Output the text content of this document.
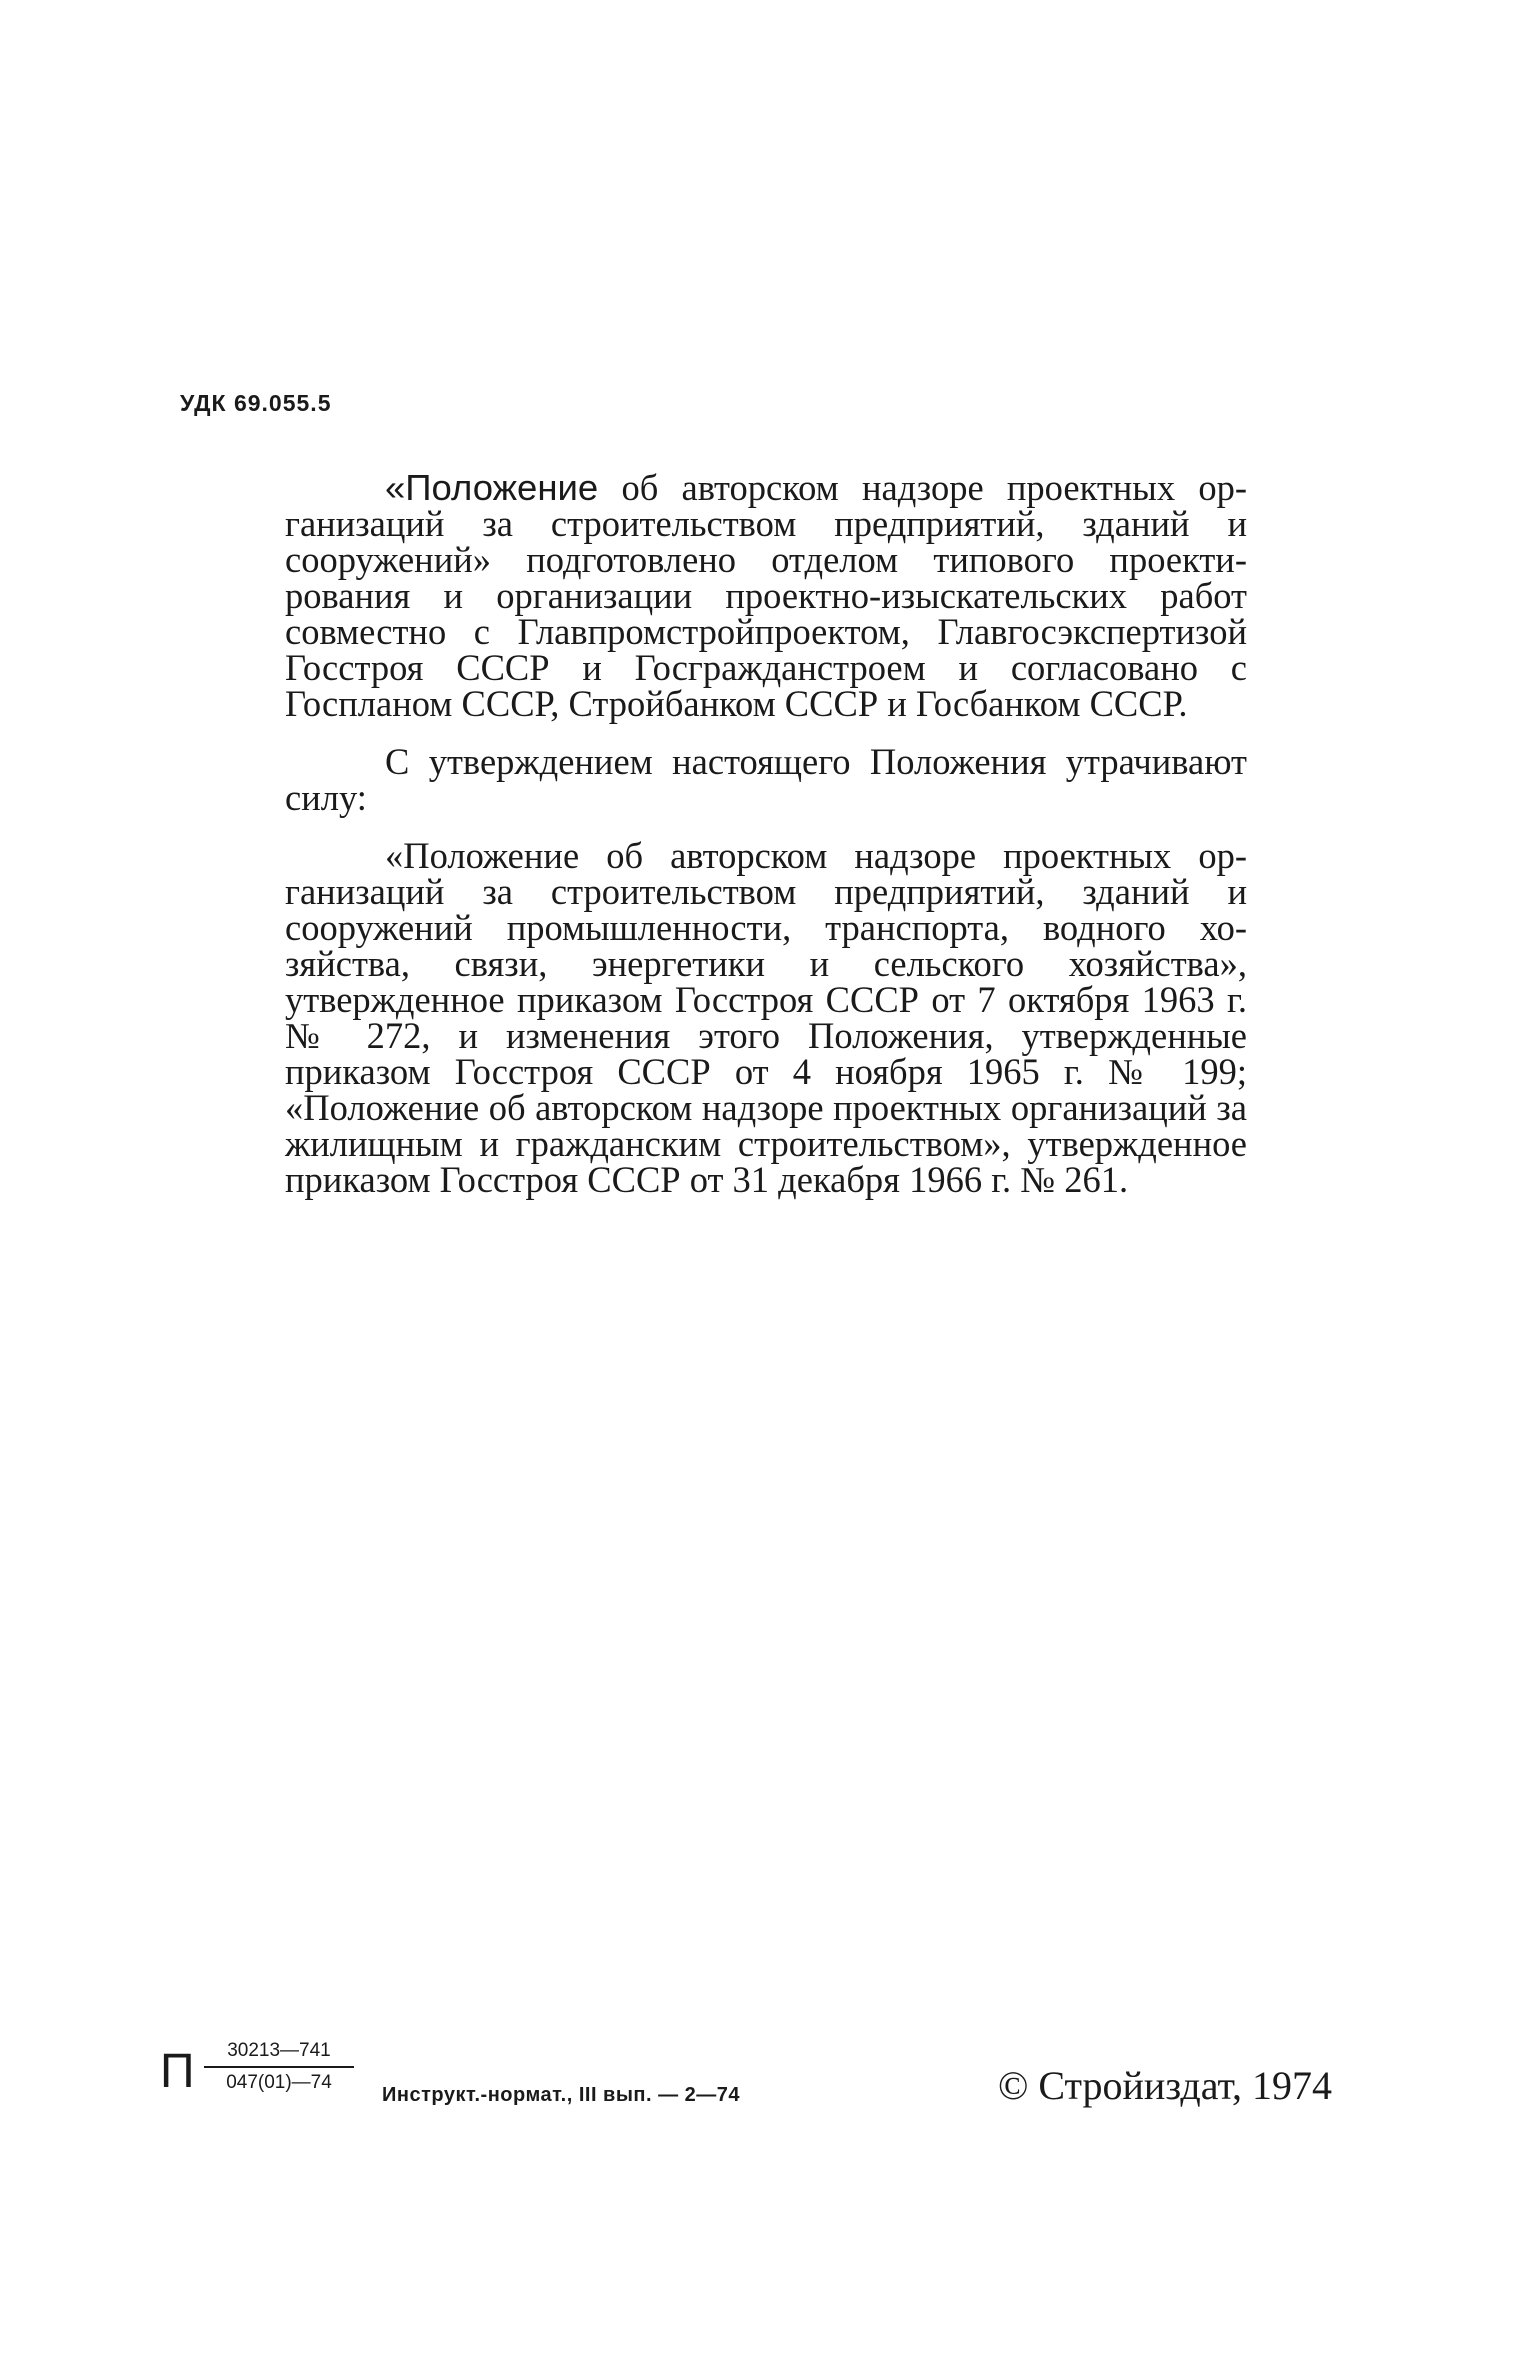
УДК 69.055.5

«Положение об авторском надзоре проектных организаций за строительством предприятий, зданий и сооружений» подготовлено отделом типового проектирования и организации проектно-изыскательских работ совместно с Главпромстройпроектом, Главгосэкспертизой Госстроя СССР и Госгражданстроем и согласовано с Госпланом СССР, Стройбанком СССР и Госбанком СССР.

С утверждением настоящего Положения утрачивают силу:

«Положение об авторском надзоре проектных организаций за строительством предприятий, зданий и сооружений промышленности, транспорта, водного хозяйства, связи, энергетики и сельского хозяйства», утвержденное приказом Госстроя СССР от 7 октября 1963 г. № 272, и изменения этого Положения, утвержденные приказом Госстроя СССР от 4 ноября 1965 г. № 199; «Положение об авторском надзоре проектных организаций за жилищным и гражданским строительством», утвержденное приказом Госстроя СССР от 31 декабря 1966 г. № 261.

П $\frac{30213—741}{047(01)—74}$
Инструкт.-нормат., III вып. — 2—74	© Стройиздат, 1974
